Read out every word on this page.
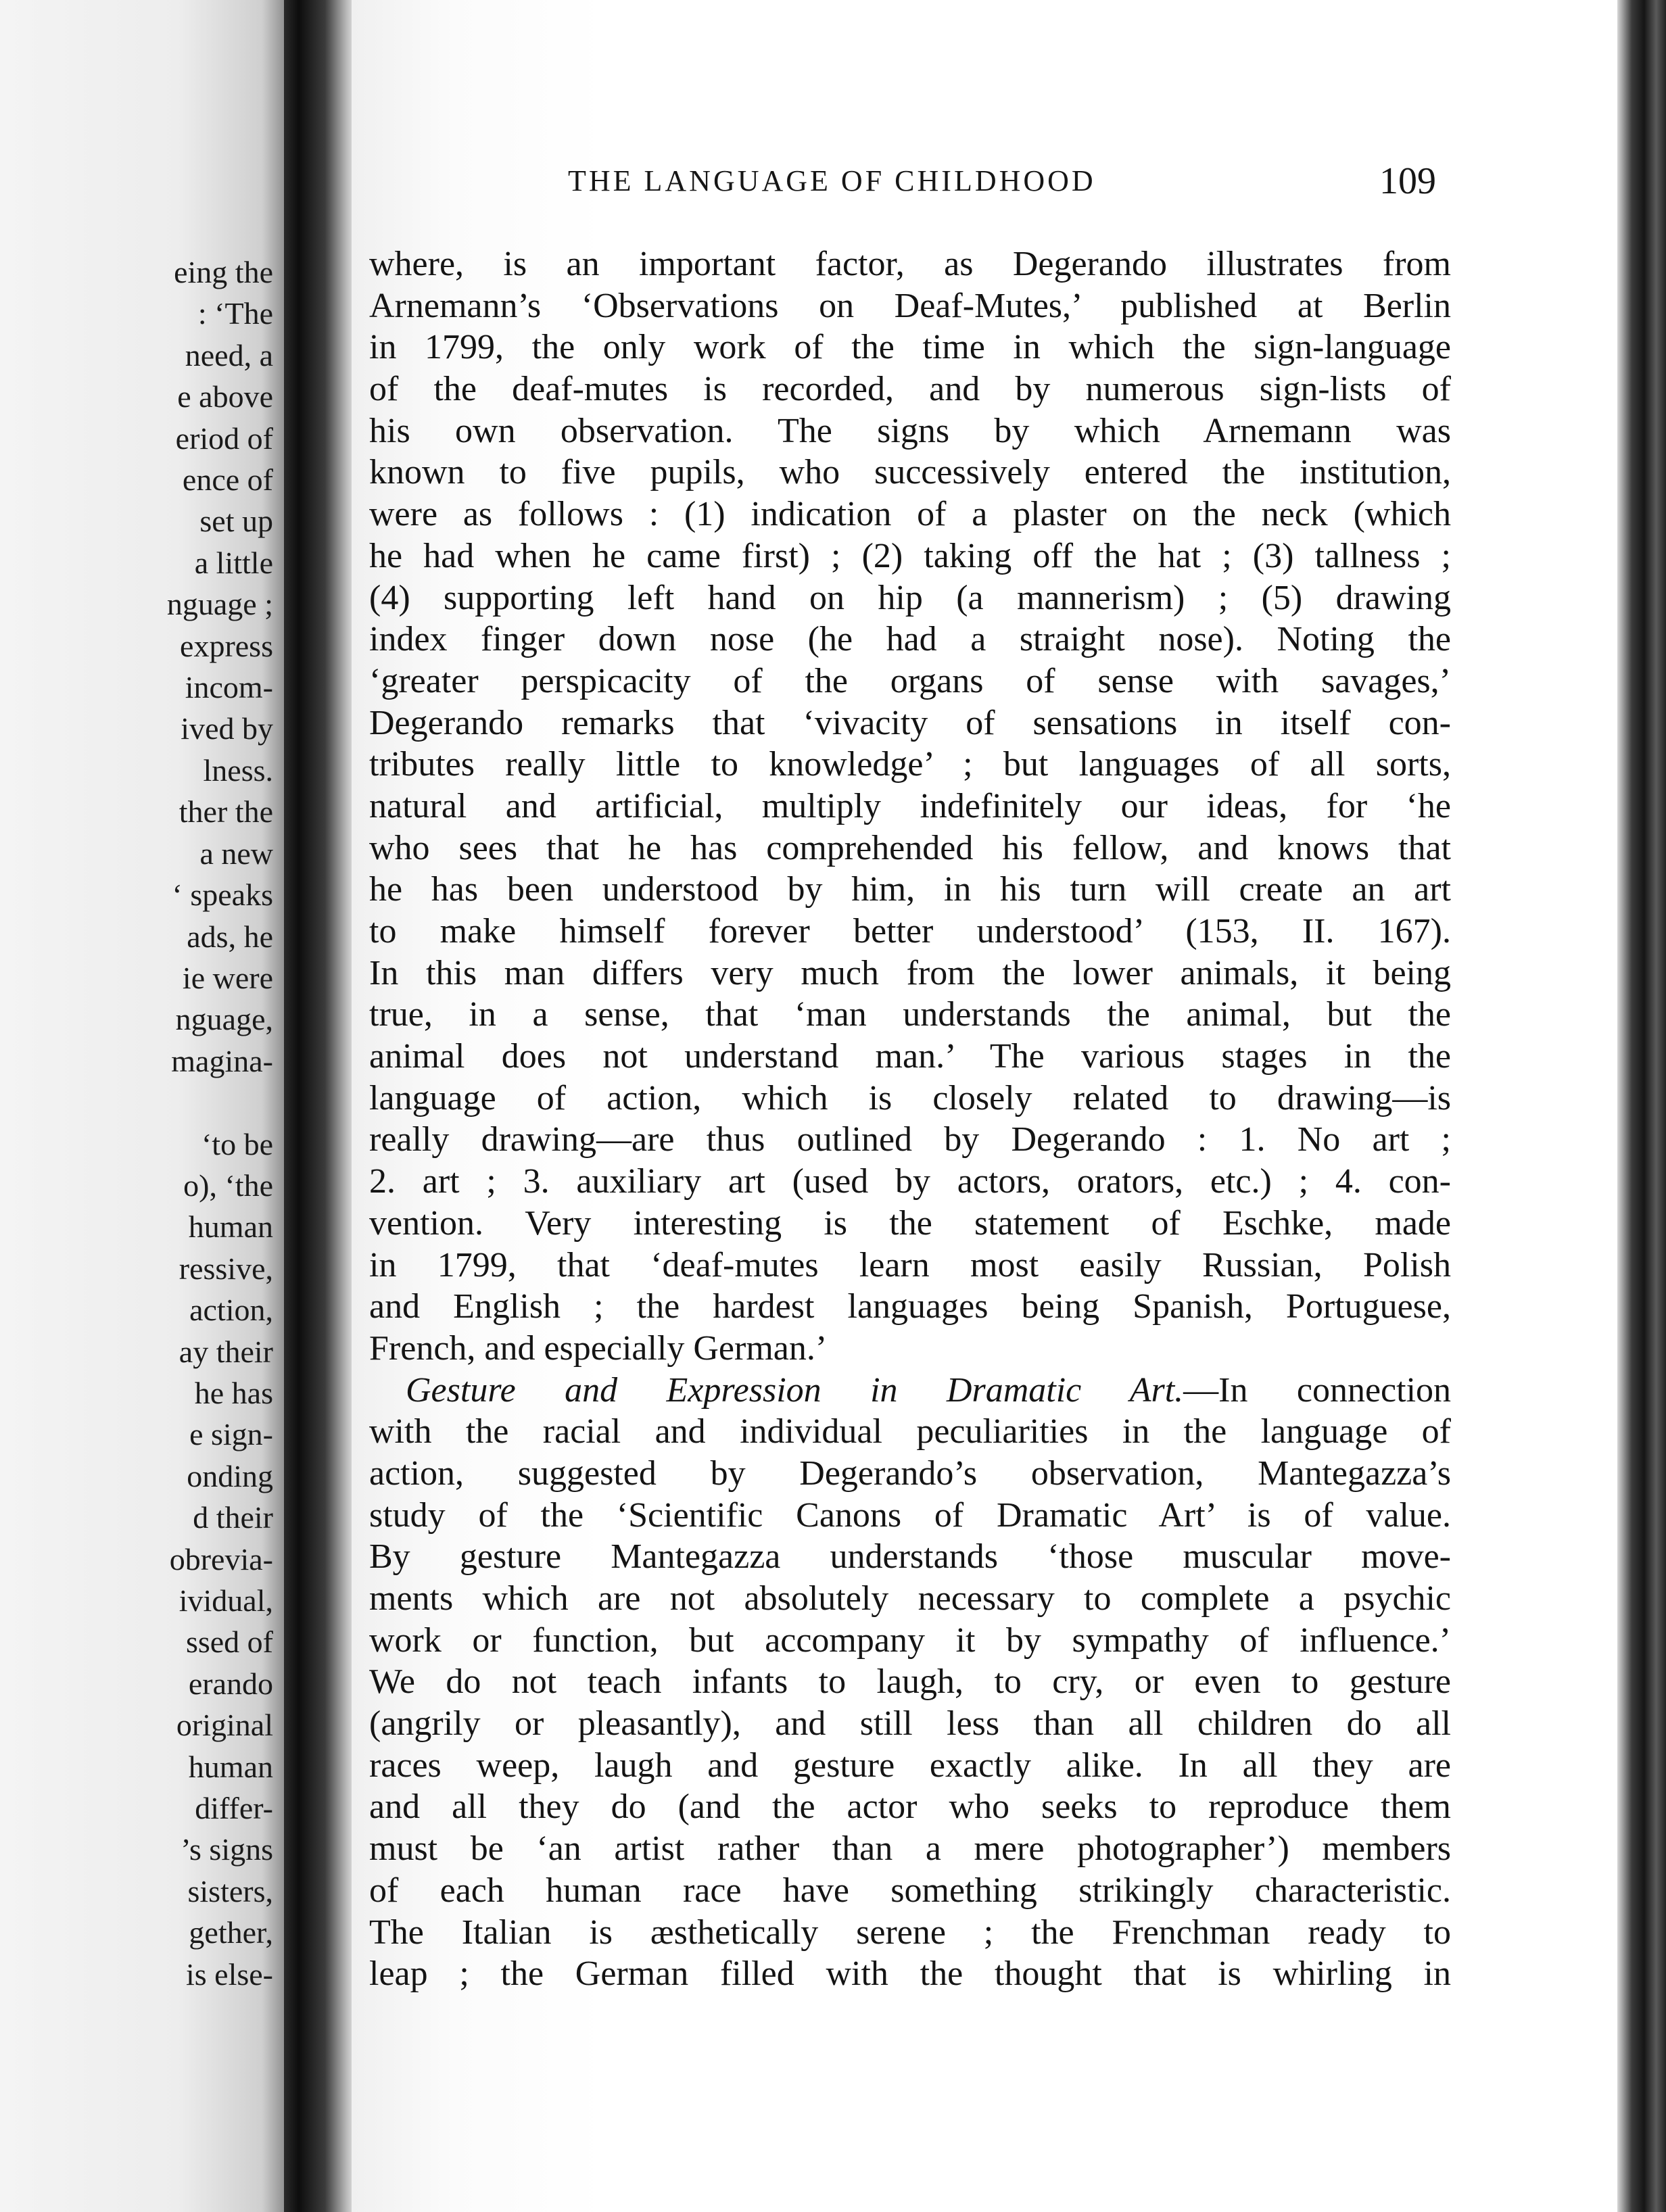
eing the
: ‘The
need, a
e above
eriod of
ence of
set up
a little
nguage ;
express
incom-
ived by
lness.
ther the
a new
‘ speaks
ads, he
ie were
nguage,
magina-

‘to be
o), ‘the
human
ressive,
action,
ay their
he has
e sign-
onding
d their
obrevia-
ividual,
ssed of
erando
original
human
differ-
’s signs
sisters,
gether,
is else-
THE LANGUAGE OF CHILDHOOD	109
where, is an important factor, as Degerando illustrates from
Arnemann’s ‘Observations on Deaf-Mutes,’ published at Berlin
in 1799, the only work of the time in which the sign-language
of the deaf-mutes is recorded, and by numerous sign-lists of
his own observation. The signs by which Arnemann was
known to five pupils, who successively entered the institution,
were as follows : (1) indication of a plaster on the neck (which
he had when he came first) ; (2) taking off the hat ; (3) tallness ;
(4) supporting left hand on hip (a mannerism) ; (5) drawing
index finger down nose (he had a straight nose). Noting the
‘greater perspicacity of the organs of sense with savages,’
Degerando remarks that ‘vivacity of sensations in itself con-
tributes really little to knowledge’ ; but languages of all sorts,
natural and artificial, multiply indefinitely our ideas, for ‘he
who sees that he has comprehended his fellow, and knows that
he has been understood by him, in his turn will create an art
to make himself forever better understood’ (153, II. 167).
In this man differs very much from the lower animals, it being
true, in a sense, that ‘man understands the animal, but the
animal does not understand man.’ The various stages in the
language of action, which is closely related to drawing—is
really drawing—are thus outlined by Degerando : 1. No art ;
2. art ; 3. auxiliary art (used by actors, orators, etc.) ; 4. con-
vention. Very interesting is the statement of Eschke, made
in 1799, that ‘deaf-mutes learn most easily Russian, Polish
and English ; the hardest languages being Spanish, Portuguese,
French, and especially German.’
Gesture and Expression in Dramatic Art.—In connection
with the racial and individual peculiarities in the language of
action, suggested by Degerando’s observation, Mantegazza’s
study of the ‘Scientific Canons of Dramatic Art’ is of value.
By gesture Mantegazza understands ‘those muscular move-
ments which are not absolutely necessary to complete a psychic
work or function, but accompany it by sympathy of influence.’
We do not teach infants to laugh, to cry, or even to gesture
(angrily or pleasantly), and still less than all children do all
races weep, laugh and gesture exactly alike. In all they are
and all they do (and the actor who seeks to reproduce them
must be ‘an artist rather than a mere photographer’) members
of each human race have something strikingly characteristic.
The Italian is æsthetically serene ; the Frenchman ready to
leap ; the German filled with the thought that is whirling in
